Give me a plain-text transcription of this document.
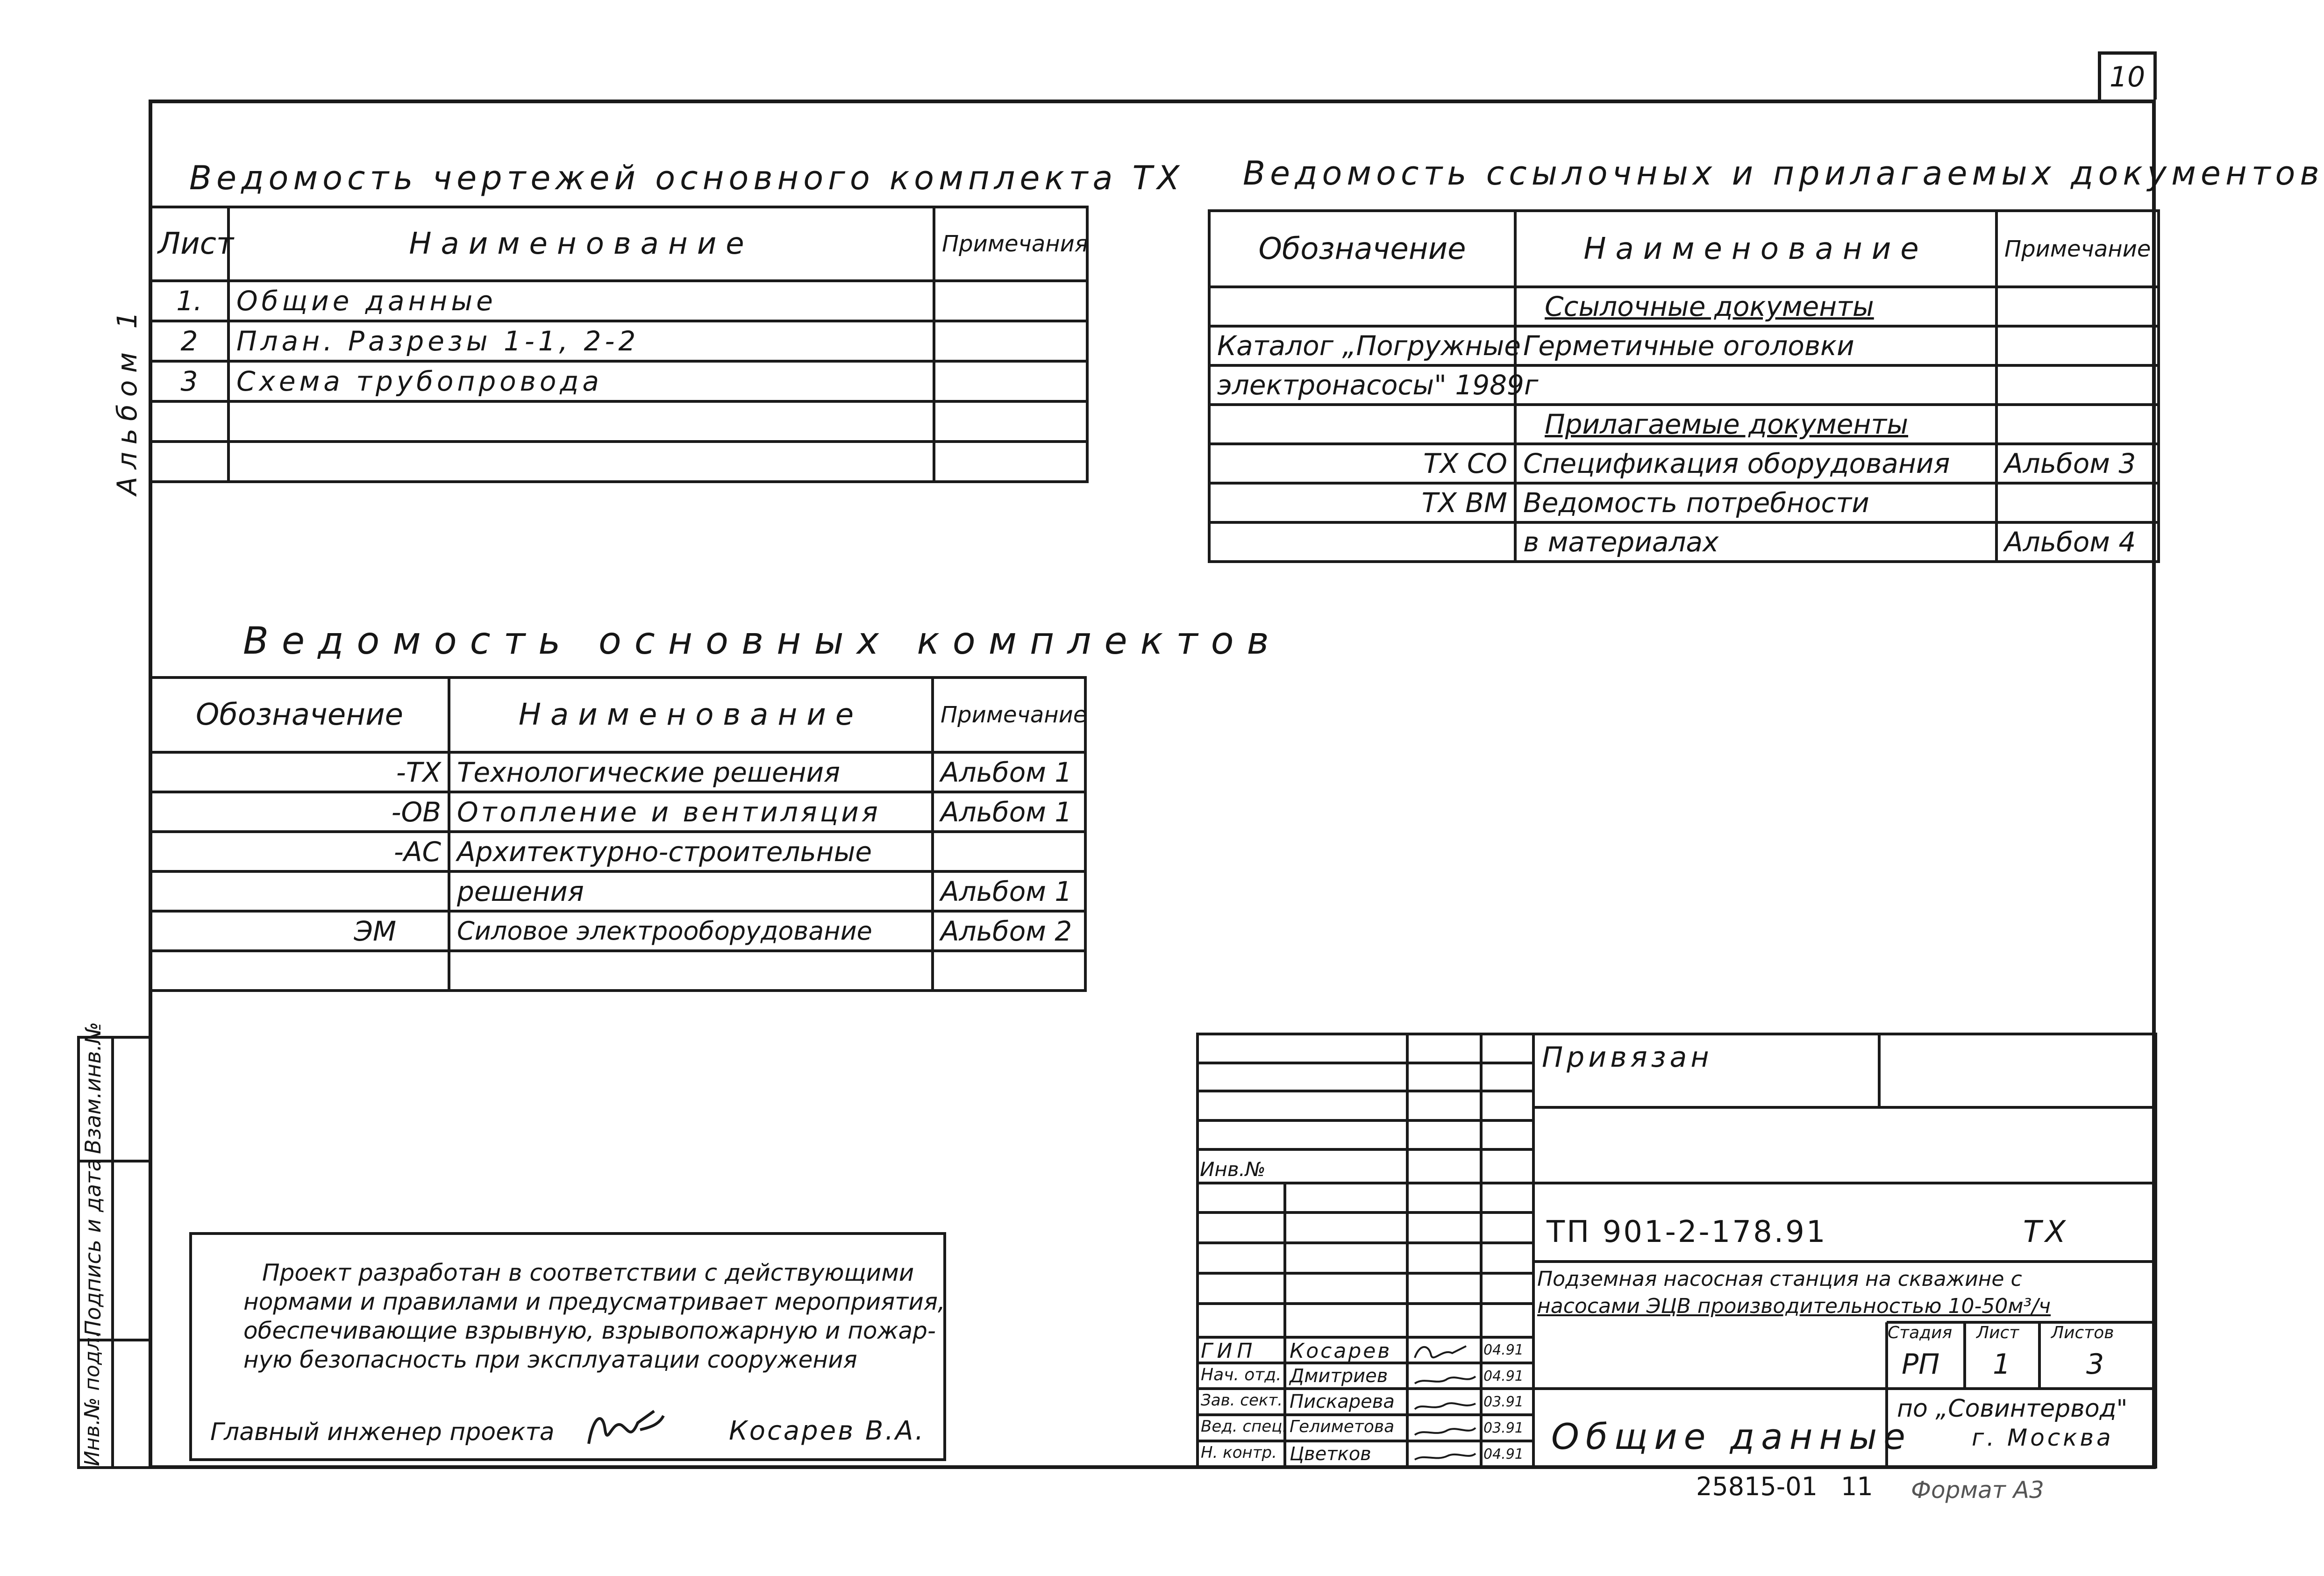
10
Альбом 1
Ведомость чертежей основного комплекта ТХ
Лист	Наименование	Примечания
1.	Общие данные	
2	План. Разрезы 1-1, 2-2	
3	Схема трубопровода	

Ведомость ссылочных и прилагаемых документов
Обозначение	Наименование	Примечание
	Ссылочные документы	
Каталог „Погружные	Герметичные оголовки	
электронасосы" 1989г		
	Прилагаемые документы	
ТХ СО	Спецификация оборудования	Альбом 3
ТХ ВМ	Ведомость потребности	
	в материалах	Альбом 4
Ведомость основных комплектов
Обозначение	Наименование	Примечание
-ТХ	Технологические решения	Альбом 1
-ОВ	Отопление и вентиляция	Альбом 1
-АС	Архитектурно-строительные	
	решения	Альбом 1
ЭМ	Силовое электрооборудование	Альбом 2

Взам.инв.№
Подпись и дата
Инв.№ подл.
Проект разработан в соответствии с действующими
нормами и правилами и предусматривает мероприятия,
обеспечивающие взрывную, взрывопожарную и пожар-
ную безопасность при эксплуатации сооружения
Главный инженер проекта	Косарев В.А.
Привязан
Инв.№
ТП 901-2-178.91	ТХ
Подземная насосная станция на скважине с
насосами ЭЦВ производительностью 10-50м³/ч
Стадия Лист Листов
РП 1	3
Общие данные
по „Совинтервод"
г. Москва
ГИП Косарев	04.91
Нач. отд. Дмитриев	04.91
Зав. сект. Пискарева	03.91
Вед. спец. Гелиметова	03.91
Н. контр. Цветков	04.91
25815-01 11 Формат А3
